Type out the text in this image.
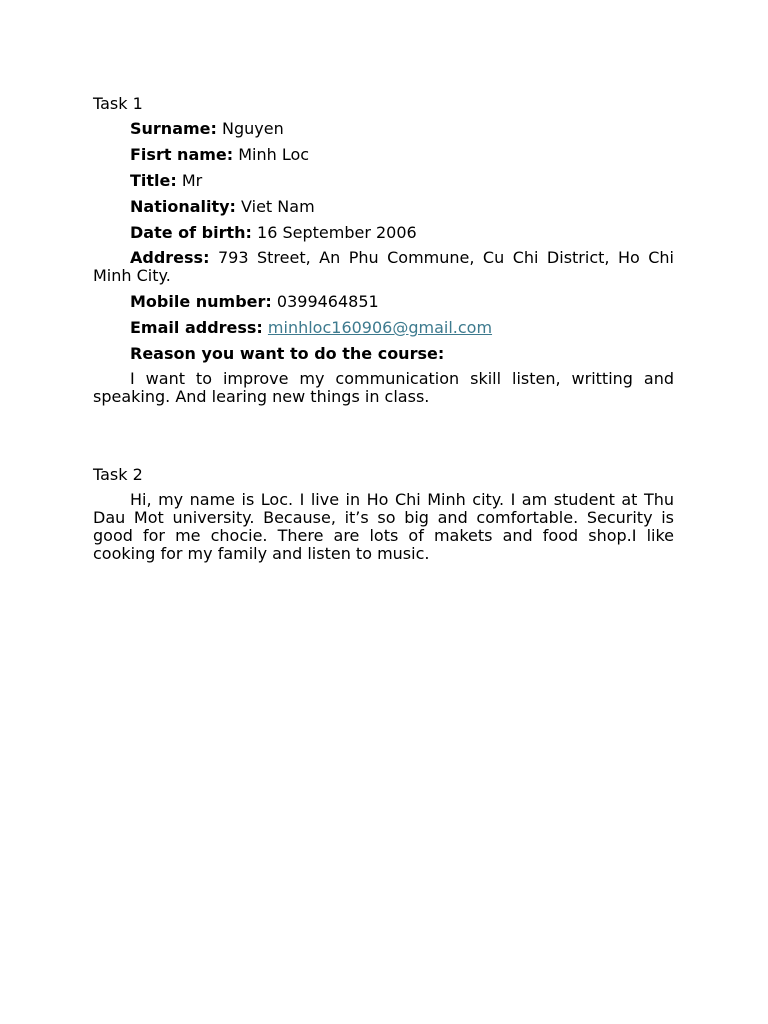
Task 1

Surname: Nguyen

Fisrt name: Minh Loc

Title: Mr

Nationality: Viet Nam

Date of birth: 16 September 2006

Address: 793 Street, An Phu Commune, Cu Chi District, Ho Chi Minh City.

Mobile number: 0399464851

Email address: minhloc160906@gmail.com

Reason you want to do the course:

I want to improve my communication skill listen, writting and speaking. And learing new things in class.

Task 2

Hi, my name is Loc. I live in Ho Chi Minh city. I am student at Thu Dau Mot university. Because, it’s so big and comfortable. Security is good for me chocie. There are lots of makets and food shop.I like cooking for my family and listen to music.
